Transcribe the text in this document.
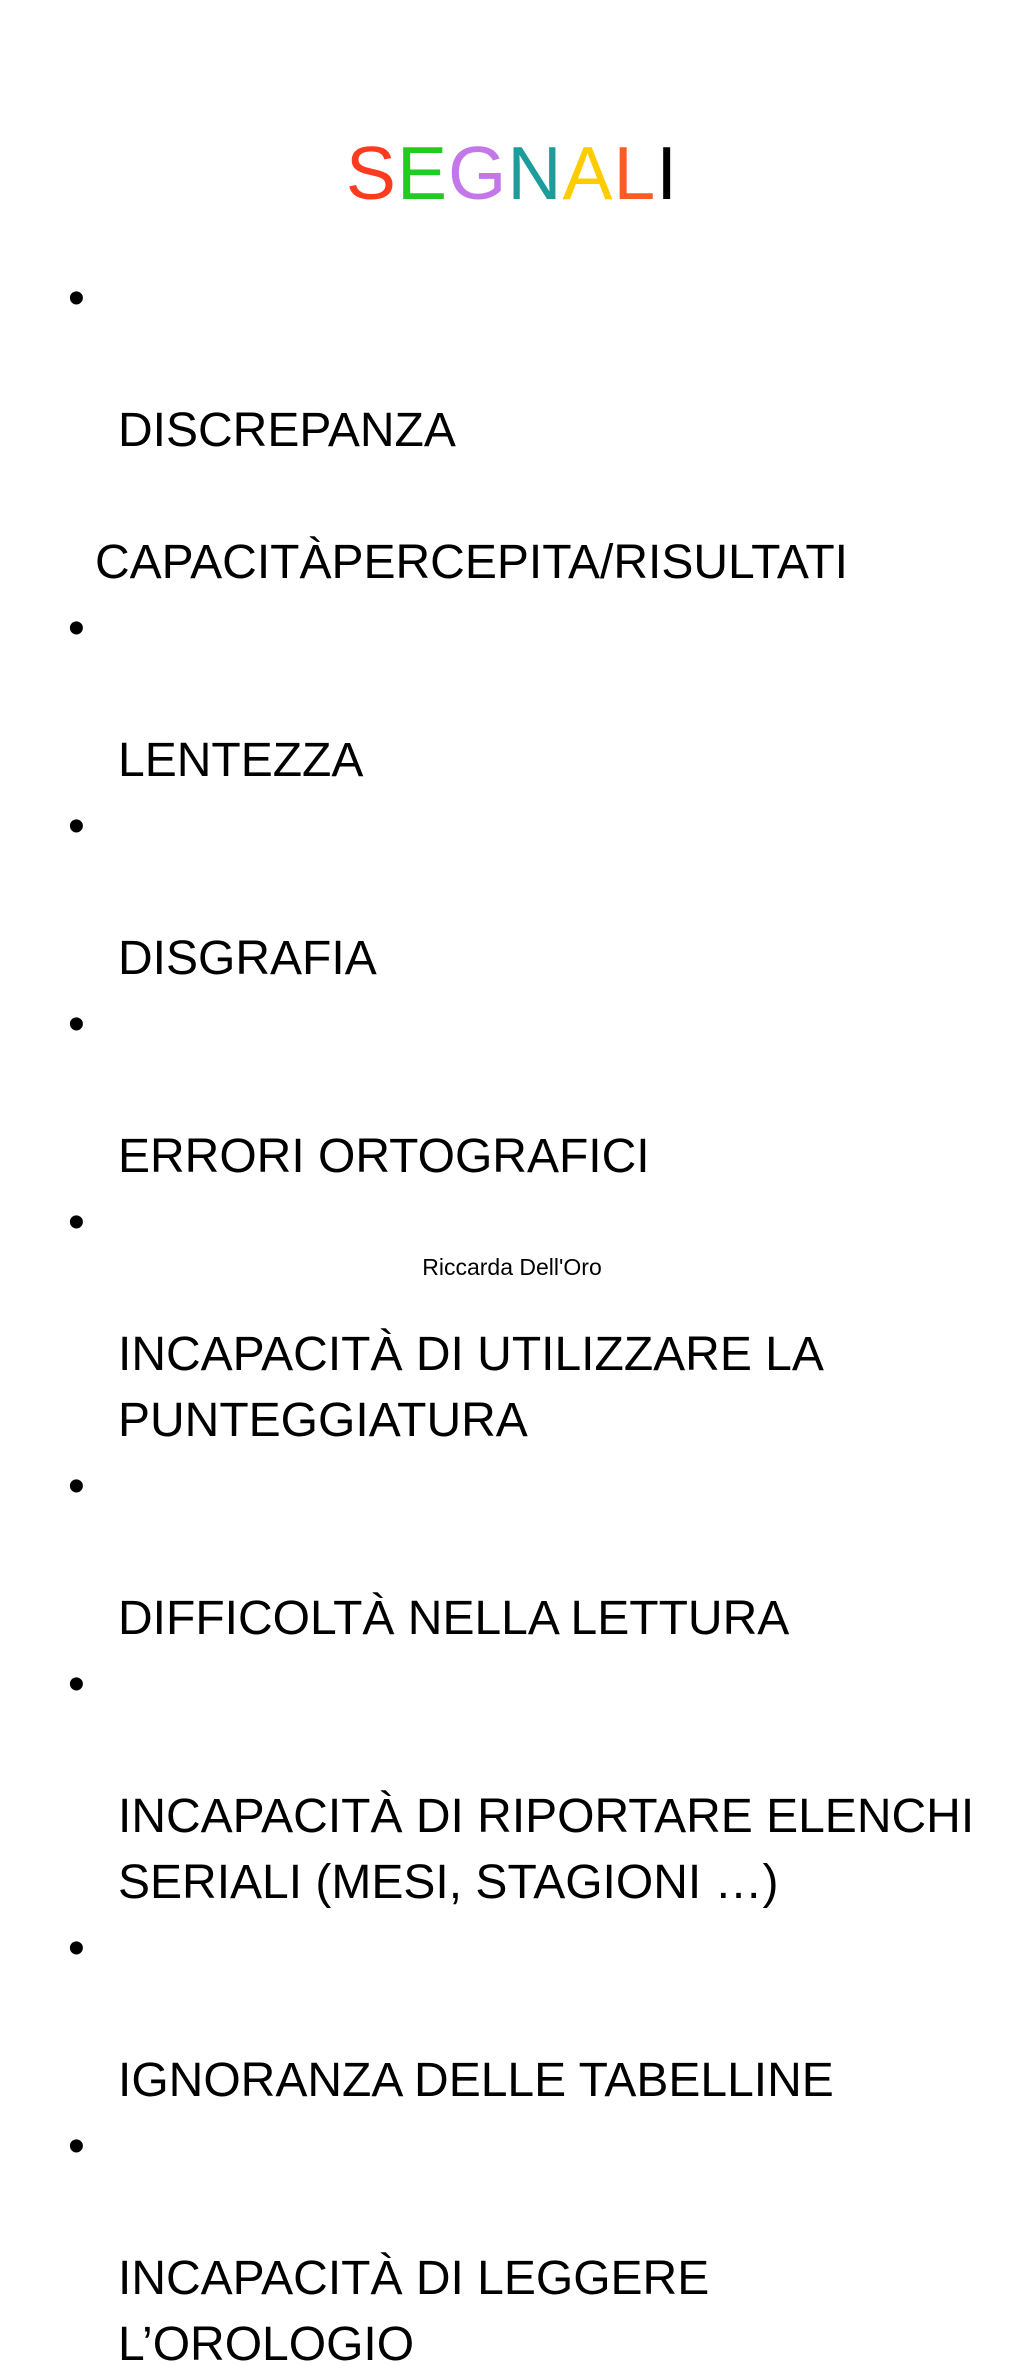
SEGNALI

•

DISCREPANZA

CAPACITÀPERCEPITA/RISULTATI

•

LENTEZZA

•

DISGRAFIA

•

ERRORI ORTOGRAFICI

•

INCAPACITÀ DI UTILIZZARE LA PUNTEGGIATURA

•

DIFFICOLTÀ NELLA LETTURA

•

INCAPACITÀ DI RIPORTARE ELENCHI SERIALI (MESI, STAGIONI …)

•

IGNORANZA DELLE TABELLINE

•

INCAPACITÀ DI LEGGERE L’OROLOGIO

Riccarda Dell'Oro
